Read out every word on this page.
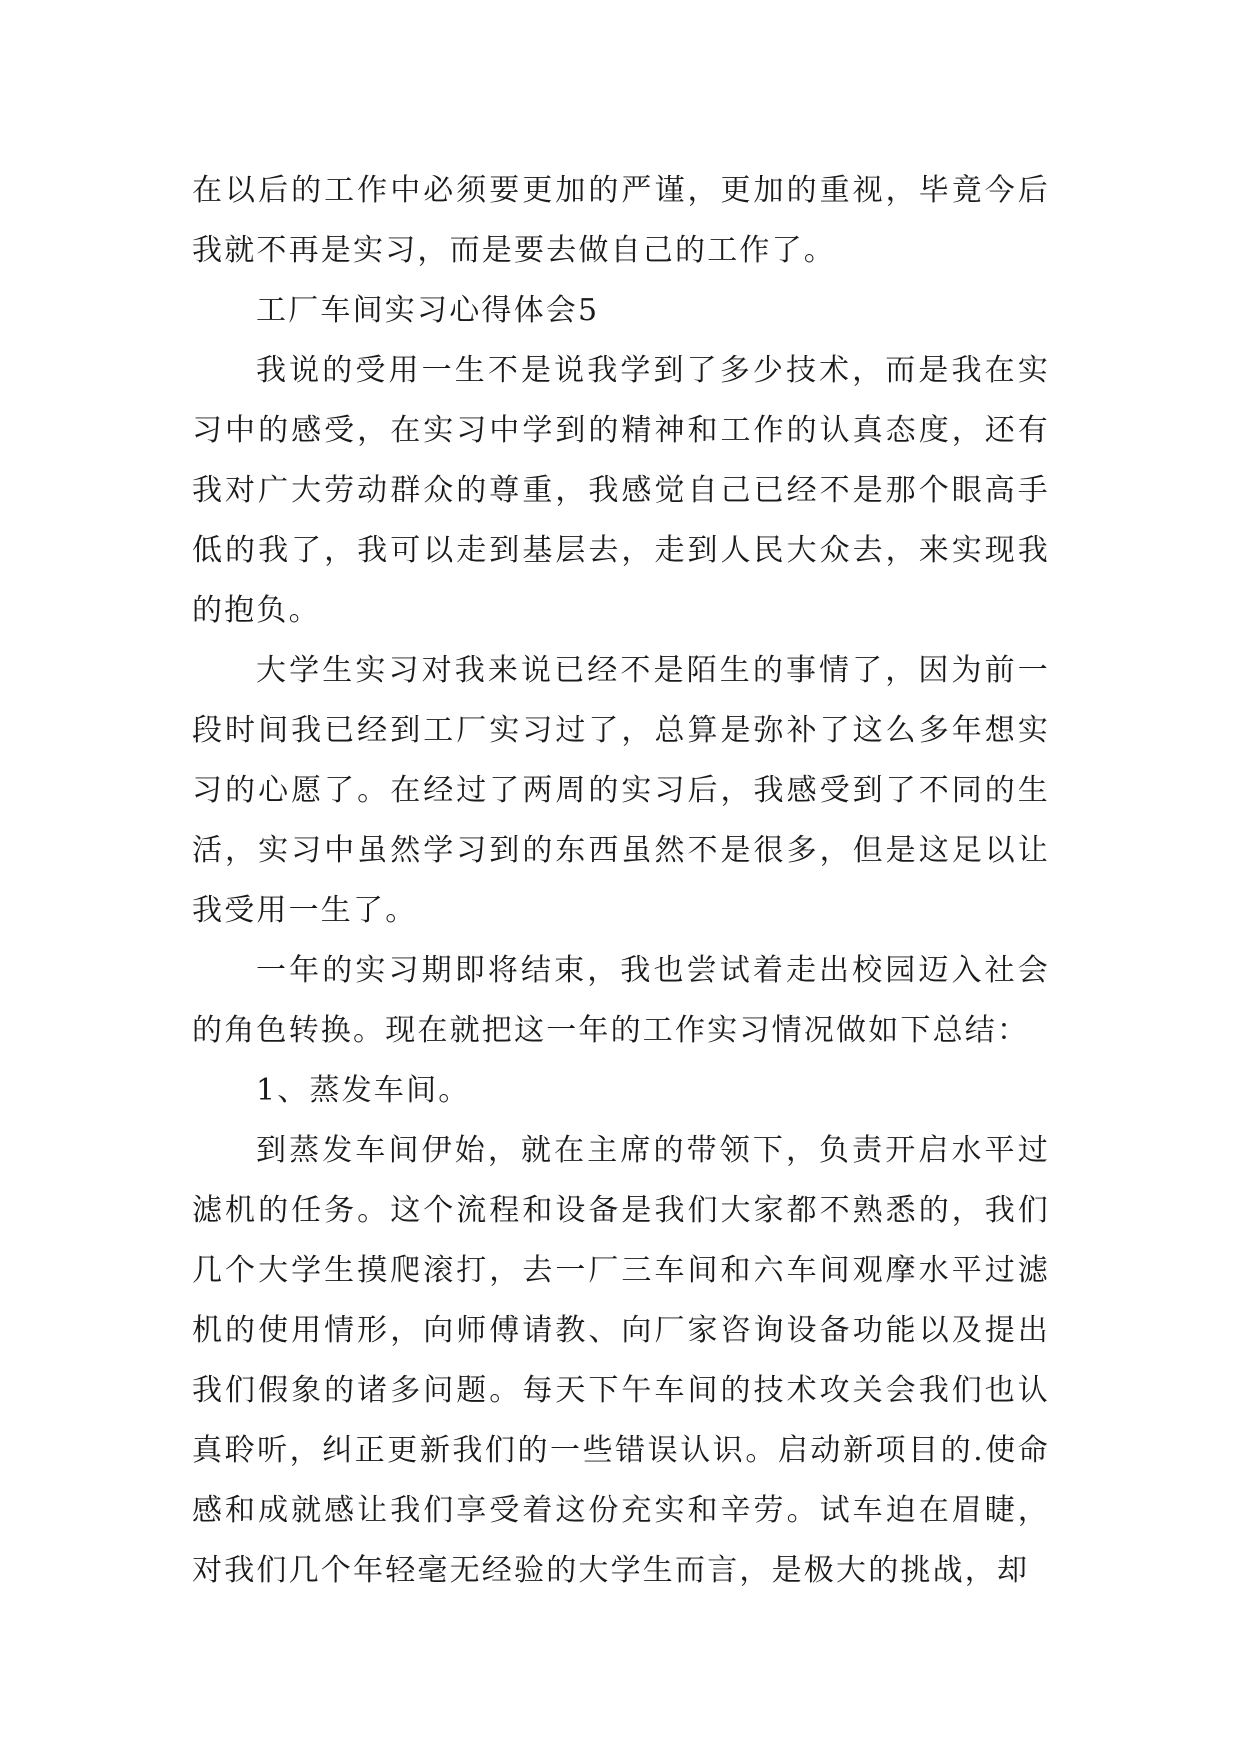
在以后的工作中必须要更加的严谨，更加的重视，毕竟今后我就不再是实习，而是要去做自己的工作了。

工厂车间实习心得体会5

我说的受用一生不是说我学到了多少技术，而是我在实习中的感受，在实习中学到的精神和工作的认真态度，还有我对广大劳动群众的尊重，我感觉自己已经不是那个眼高手低的我了，我可以走到基层去，走到人民大众去，来实现我的抱负。

大学生实习对我来说已经不是陌生的事情了，因为前一段时间我已经到工厂实习过了，总算是弥补了这么多年想实习的心愿了。在经过了两周的实习后，我感受到了不同的生活，实习中虽然学习到的东西虽然不是很多，但是这足以让我受用一生了。

一年的实习期即将结束，我也尝试着走出校园迈入社会的角色转换。现在就把这一年的工作实习情况做如下总结：

1、蒸发车间。

到蒸发车间伊始，就在主席的带领下，负责开启水平过滤机的任务。这个流程和设备是我们大家都不熟悉的，我们几个大学生摸爬滚打，去一厂三车间和六车间观摩水平过滤机的使用情形，向师傅请教、向厂家咨询设备功能以及提出我们假象的诸多问题。每天下午车间的技术攻关会我们也认真聆听，纠正更新我们的一些错误认识。启动新项目的.使命感和成就感让我们享受着这份充实和辛劳。试车迫在眉睫，对我们几个年轻毫无经验的大学生而言，是极大的挑战，却
